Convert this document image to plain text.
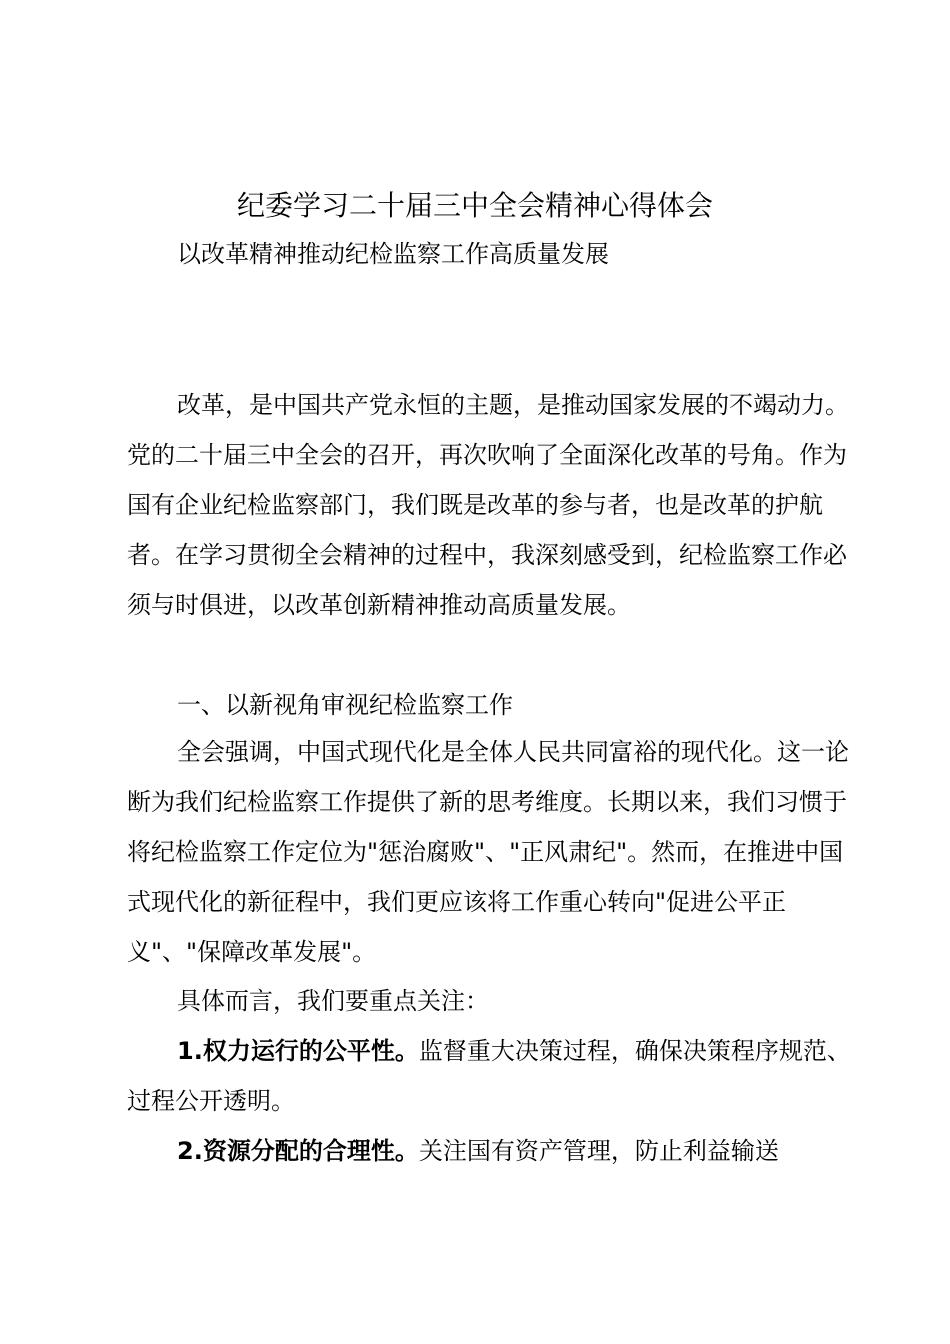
纪委学习二十届三中全会精神心得体会
以改革精神推动纪检监察工作高质量发展

改革，是中国共产党永恒的主题，是推动国家发展的不竭动力。党的二十届三中全会的召开，再次吹响了全面深化改革的号角。作为国有企业纪检监察部门，我们既是改革的参与者，也是改革的护航者。在学习贯彻全会精神的过程中，我深刻感受到，纪检监察工作必须与时俱进，以改革创新精神推动高质量发展。

一、以新视角审视纪检监察工作

全会强调，中国式现代化是全体人民共同富裕的现代化。这一论断为我们纪检监察工作提供了新的思考维度。长期以来，我们习惯于将纪检监察工作定位为"惩治腐败"、"正风肃纪"。然而，在推进中国式现代化的新征程中，我们更应该将工作重心转向"促进公平正义"、"保障改革发展"。

具体而言，我们要重点关注：

1.权力运行的公平性。监督重大决策过程，确保决策程序规范、过程公开透明。

2.资源分配的合理性。关注国有资产管理，防止利益输送
